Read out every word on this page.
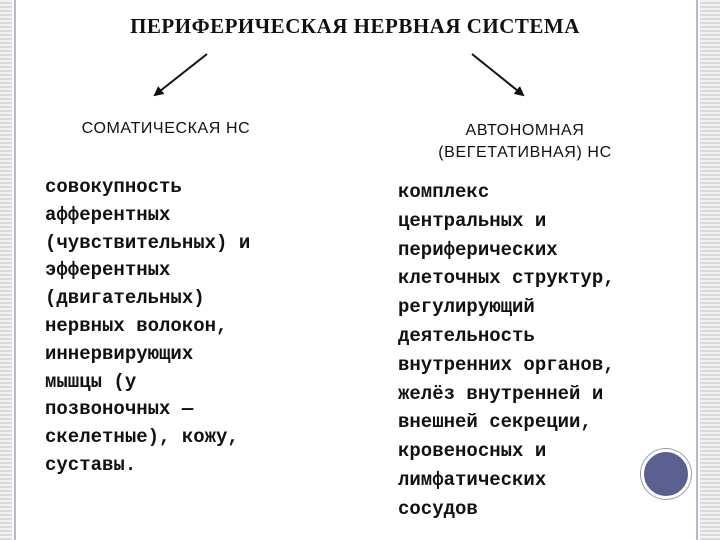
ПЕРИФЕРИЧЕСКАЯ НЕРВНАЯ СИСТЕМА
СОМАТИЧЕСКАЯ НС	АВТОНОМНАЯ
(ВЕГЕТАТИВНАЯ) НС
совокупность
афферентных
(чувствительных) и
эфферентных
(двигательных)
нервных волокон,
иннервирующих
мышцы (у
позвоночных —
скелетные), кожу,
суставы.
комплекс
центральных и
периферических
клеточных структур,
регулирующий
деятельность
внутренних органов,
желёз внутренней и
внешней секреции,
кровеносных и
лимфатических
сосудов
